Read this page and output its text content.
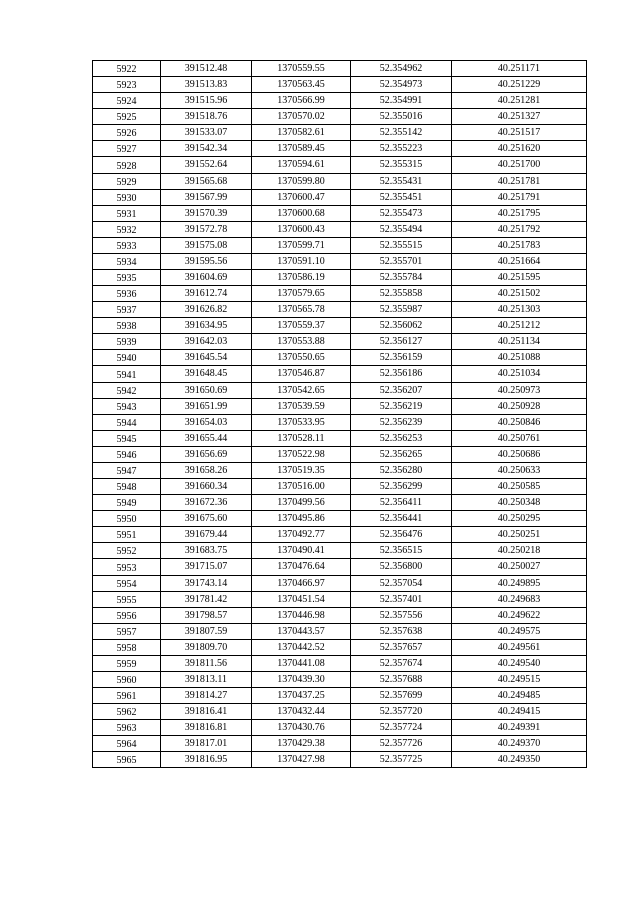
5922	391512.48	1370559.55	52.354962	40.251171
5923	391513.83	1370563.45	52.354973	40.251229
5924	391515.96	1370566.99	52.354991	40.251281
5925	391518.76	1370570.02	52.355016	40.251327
5926	391533.07	1370582.61	52.355142	40.251517
5927	391542.34	1370589.45	52.355223	40.251620
5928	391552.64	1370594.61	52.355315	40.251700
5929	391565.68	1370599.80	52.355431	40.251781
5930	391567.99	1370600.47	52.355451	40.251791
5931	391570.39	1370600.68	52.355473	40.251795
5932	391572.78	1370600.43	52.355494	40.251792
5933	391575.08	1370599.71	52.355515	40.251783
5934	391595.56	1370591.10	52.355701	40.251664
5935	391604.69	1370586.19	52.355784	40.251595
5936	391612.74	1370579.65	52.355858	40.251502
5937	391626.82	1370565.78	52.355987	40.251303
5938	391634.95	1370559.37	52.356062	40.251212
5939	391642.03	1370553.88	52.356127	40.251134
5940	391645.54	1370550.65	52.356159	40.251088
5941	391648.45	1370546.87	52.356186	40.251034
5942	391650.69	1370542.65	52.356207	40.250973
5943	391651.99	1370539.59	52.356219	40.250928
5944	391654.03	1370533.95	52.356239	40.250846
5945	391655.44	1370528.11	52.356253	40.250761
5946	391656.69	1370522.98	52.356265	40.250686
5947	391658.26	1370519.35	52.356280	40.250633
5948	391660.34	1370516.00	52.356299	40.250585
5949	391672.36	1370499.56	52.356411	40.250348
5950	391675.60	1370495.86	52.356441	40.250295
5951	391679.44	1370492.77	52.356476	40.250251
5952	391683.75	1370490.41	52.356515	40.250218
5953	391715.07	1370476.64	52.356800	40.250027
5954	391743.14	1370466.97	52.357054	40.249895
5955	391781.42	1370451.54	52.357401	40.249683
5956	391798.57	1370446.98	52.357556	40.249622
5957	391807.59	1370443.57	52.357638	40.249575
5958	391809.70	1370442.52	52.357657	40.249561
5959	391811.56	1370441.08	52.357674	40.249540
5960	391813.11	1370439.30	52.357688	40.249515
5961	391814.27	1370437.25	52.357699	40.249485
5962	391816.41	1370432.44	52.357720	40.249415
5963	391816.81	1370430.76	52.357724	40.249391
5964	391817.01	1370429.38	52.357726	40.249370
5965	391816.95	1370427.98	52.357725	40.249350
